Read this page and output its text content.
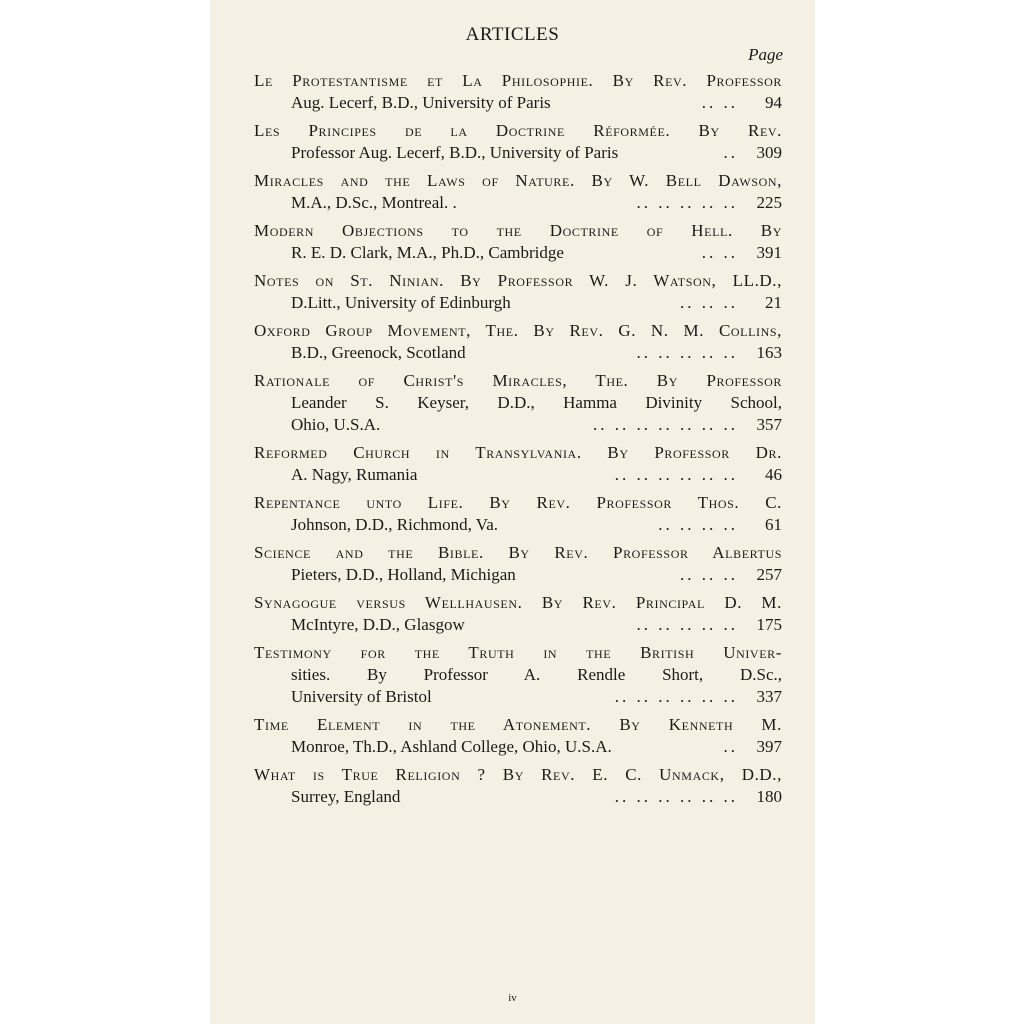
ARTICLES
Page
Le Protestantisme et La Philosophie. By Rev. Professor
Aug. Lecerf, B.D., University of Paris	.. ..	94
Les Principes de la Doctrine Réformée. By Rev.
Professor Aug. Lecerf, B.D., University of Paris	..	309
Miracles and the Laws of Nature. By W. Bell Dawson,
M.A., D.Sc., Montreal. .	.. .. .. .. ..	225
Modern Objections to the Doctrine of Hell. By
R. E. D. Clark, M.A., Ph.D., Cambridge	.. ..	391
Notes on St. Ninian. By Professor W. J. Watson, LL.D.,
D.Litt., University of Edinburgh	.. .. ..	21
Oxford Group Movement, The. By Rev. G. N. M. Collins,
B.D., Greenock, Scotland	.. .. .. .. ..	163
Rationale of Christ's Miracles, The. By Professor
Leander S. Keyser, D.D., Hamma Divinity School,
Ohio, U.S.A.	.. .. .. .. .. .. ..	357
Reformed Church in Transylvania. By Professor Dr.
A. Nagy, Rumania	.. .. .. .. .. ..	46
Repentance unto Life. By Rev. Professor Thos. C.
Johnson, D.D., Richmond, Va.	.. .. .. ..	61
Science and the Bible. By Rev. Professor Albertus
Pieters, D.D., Holland, Michigan	.. .. ..	257
Synagogue versus Wellhausen. By Rev. Principal D. M.
McIntyre, D.D., Glasgow	.. .. .. .. ..	175
Testimony for the Truth in the British Univer-
sities. By Professor A. Rendle Short, D.Sc.,
University of Bristol	.. .. .. .. .. ..	337
Time Element in the Atonement. By Kenneth M.
Monroe, Th.D., Ashland College, Ohio, U.S.A.	..	397
What is True Religion ? By Rev. E. C. Unmack, D.D.,
Surrey, England	.. .. .. .. .. ..	180
iv
